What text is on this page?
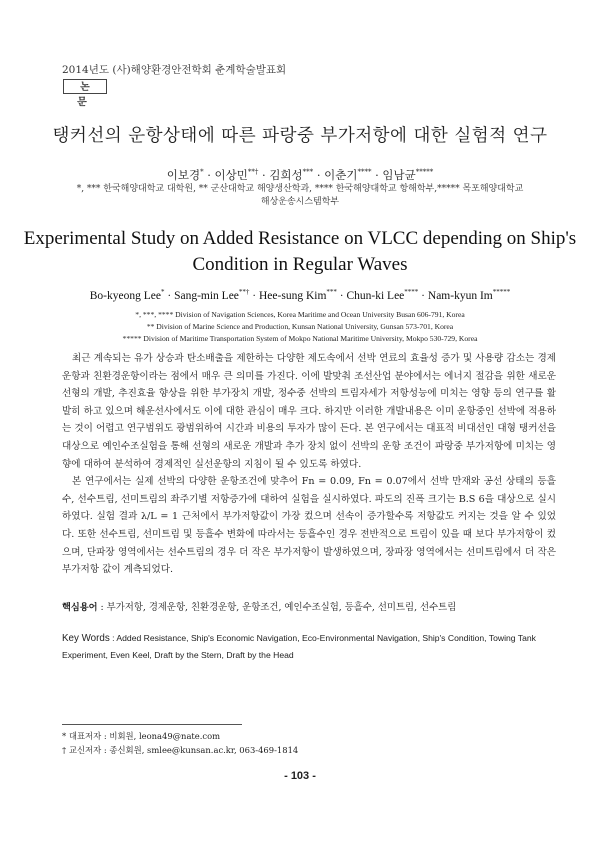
2014년도 (사)해양환경안전학회 춘계학술발표회
논 문
탱커선의 운항상태에 따른 파랑중 부가저항에 대한 실험적 연구
이보경* · 이상민**† · 김희성*** · 이춘기**** · 임남균*****
*, *** 한국해양대학교 대학원, ** 군산대학교 해양생산학과, **** 한국해양대학교 항해학부,***** 목포해양대학교
해상운송시스템학부
Experimental Study on Added Resistance on VLCC depending on Ship's
Condition in Regular Waves
Bo-kyeong Lee* · Sang-min Lee**† · Hee-sung Kim*** · Chun-ki Lee**** · Nam-kyun Im*****
*, ***, **** Division of Navigation Sciences, Korea Maritime and Ocean University Busan 606-791, Korea
** Division of Marine Science and Production, Kunsan National University, Gunsan 573-701, Korea
***** Division of Maritime Transportation System of Mokpo National Maritime University, Mokpo 530-729, Korea

최근 계속되는 유가 상승과 탄소배출을 제한하는 다양한 제도속에서 선박 연료의 효율성 증가 및 사용량 감소는 경제운항과 친환경운항이라는 점에서 매우 큰 의미를 가진다. 이에 발맞춰 조선산업 분야에서는 에너지 절감을 위한 새로운 선형의 개발, 추진효율 향상을 위한 부가장치 개발, 정수중 선박의 트림자세가 저항성능에 미치는 영향 등의 연구를 활발히 하고 있으며 해운선사에서도 이에 대한 관심이 매우 크다. 하지만 이러한 개발내용은 이미 운항중인 선박에 적용하는 것이 어렵고 연구범위도 광범위하여 시간과 비용의 투자가 많이 든다. 본 연구에서는 대표적 비대선인 대형 탱커선을 대상으로 예인수조실험을 통해 선형의 새로운 개발과 추가 장치 없이 선박의 운항 조건이 파랑중 부가저항에 미치는 영향에 대하여 분석하여 경제적인 실선운항의 지침이 될 수 있도록 하였다.

본 연구에서는 실제 선박의 다양한 운항조건에 맞추어 Fn = 0.09, Fn = 0.07에서 선박 만재와 공선 상태의 등흘수, 선수트림, 선미트림의 좌주기별 저항증가에 대하여 실험을 실시하였다. 파도의 진폭 크기는 B.S 6을 대상으로 실시하였다. 실험 결과 λ/L = 1 근처에서 부가저항값이 가장 컸으며 선속이 증가할수록 저항값도 커지는 것을 알 수 있었다. 또한 선수트림, 선미트림 및 등흘수 변화에 따라서는 등흘수인 경우 전반적으로 트림이 있을 때 보다 부가저항이 컸으며, 단파장 영역에서는 선수트림의 경우 더 작은 부가저항이 발생하였으며, 장파장 영역에서는 선미트림에서 더 작은 부가저항 값이 계측되었다.

핵심용어 : 부가저항, 경제운항, 친환경운항, 운항조건, 예인수조실험, 등흘수, 선미트림, 선수트림
Key Words : Added Resistance, Ship's Economic Navigation, Eco-Environmental Navigation, Ship's Condition, Towing Tank Experiment, Even Keel, Draft by the Stern, Draft by the Head
* 대표저자 : 비회원, leona49@nate.com
† 교신저자 : 종신회원, smlee@kunsan.ac.kr, 063-469-1814
- 103 -
